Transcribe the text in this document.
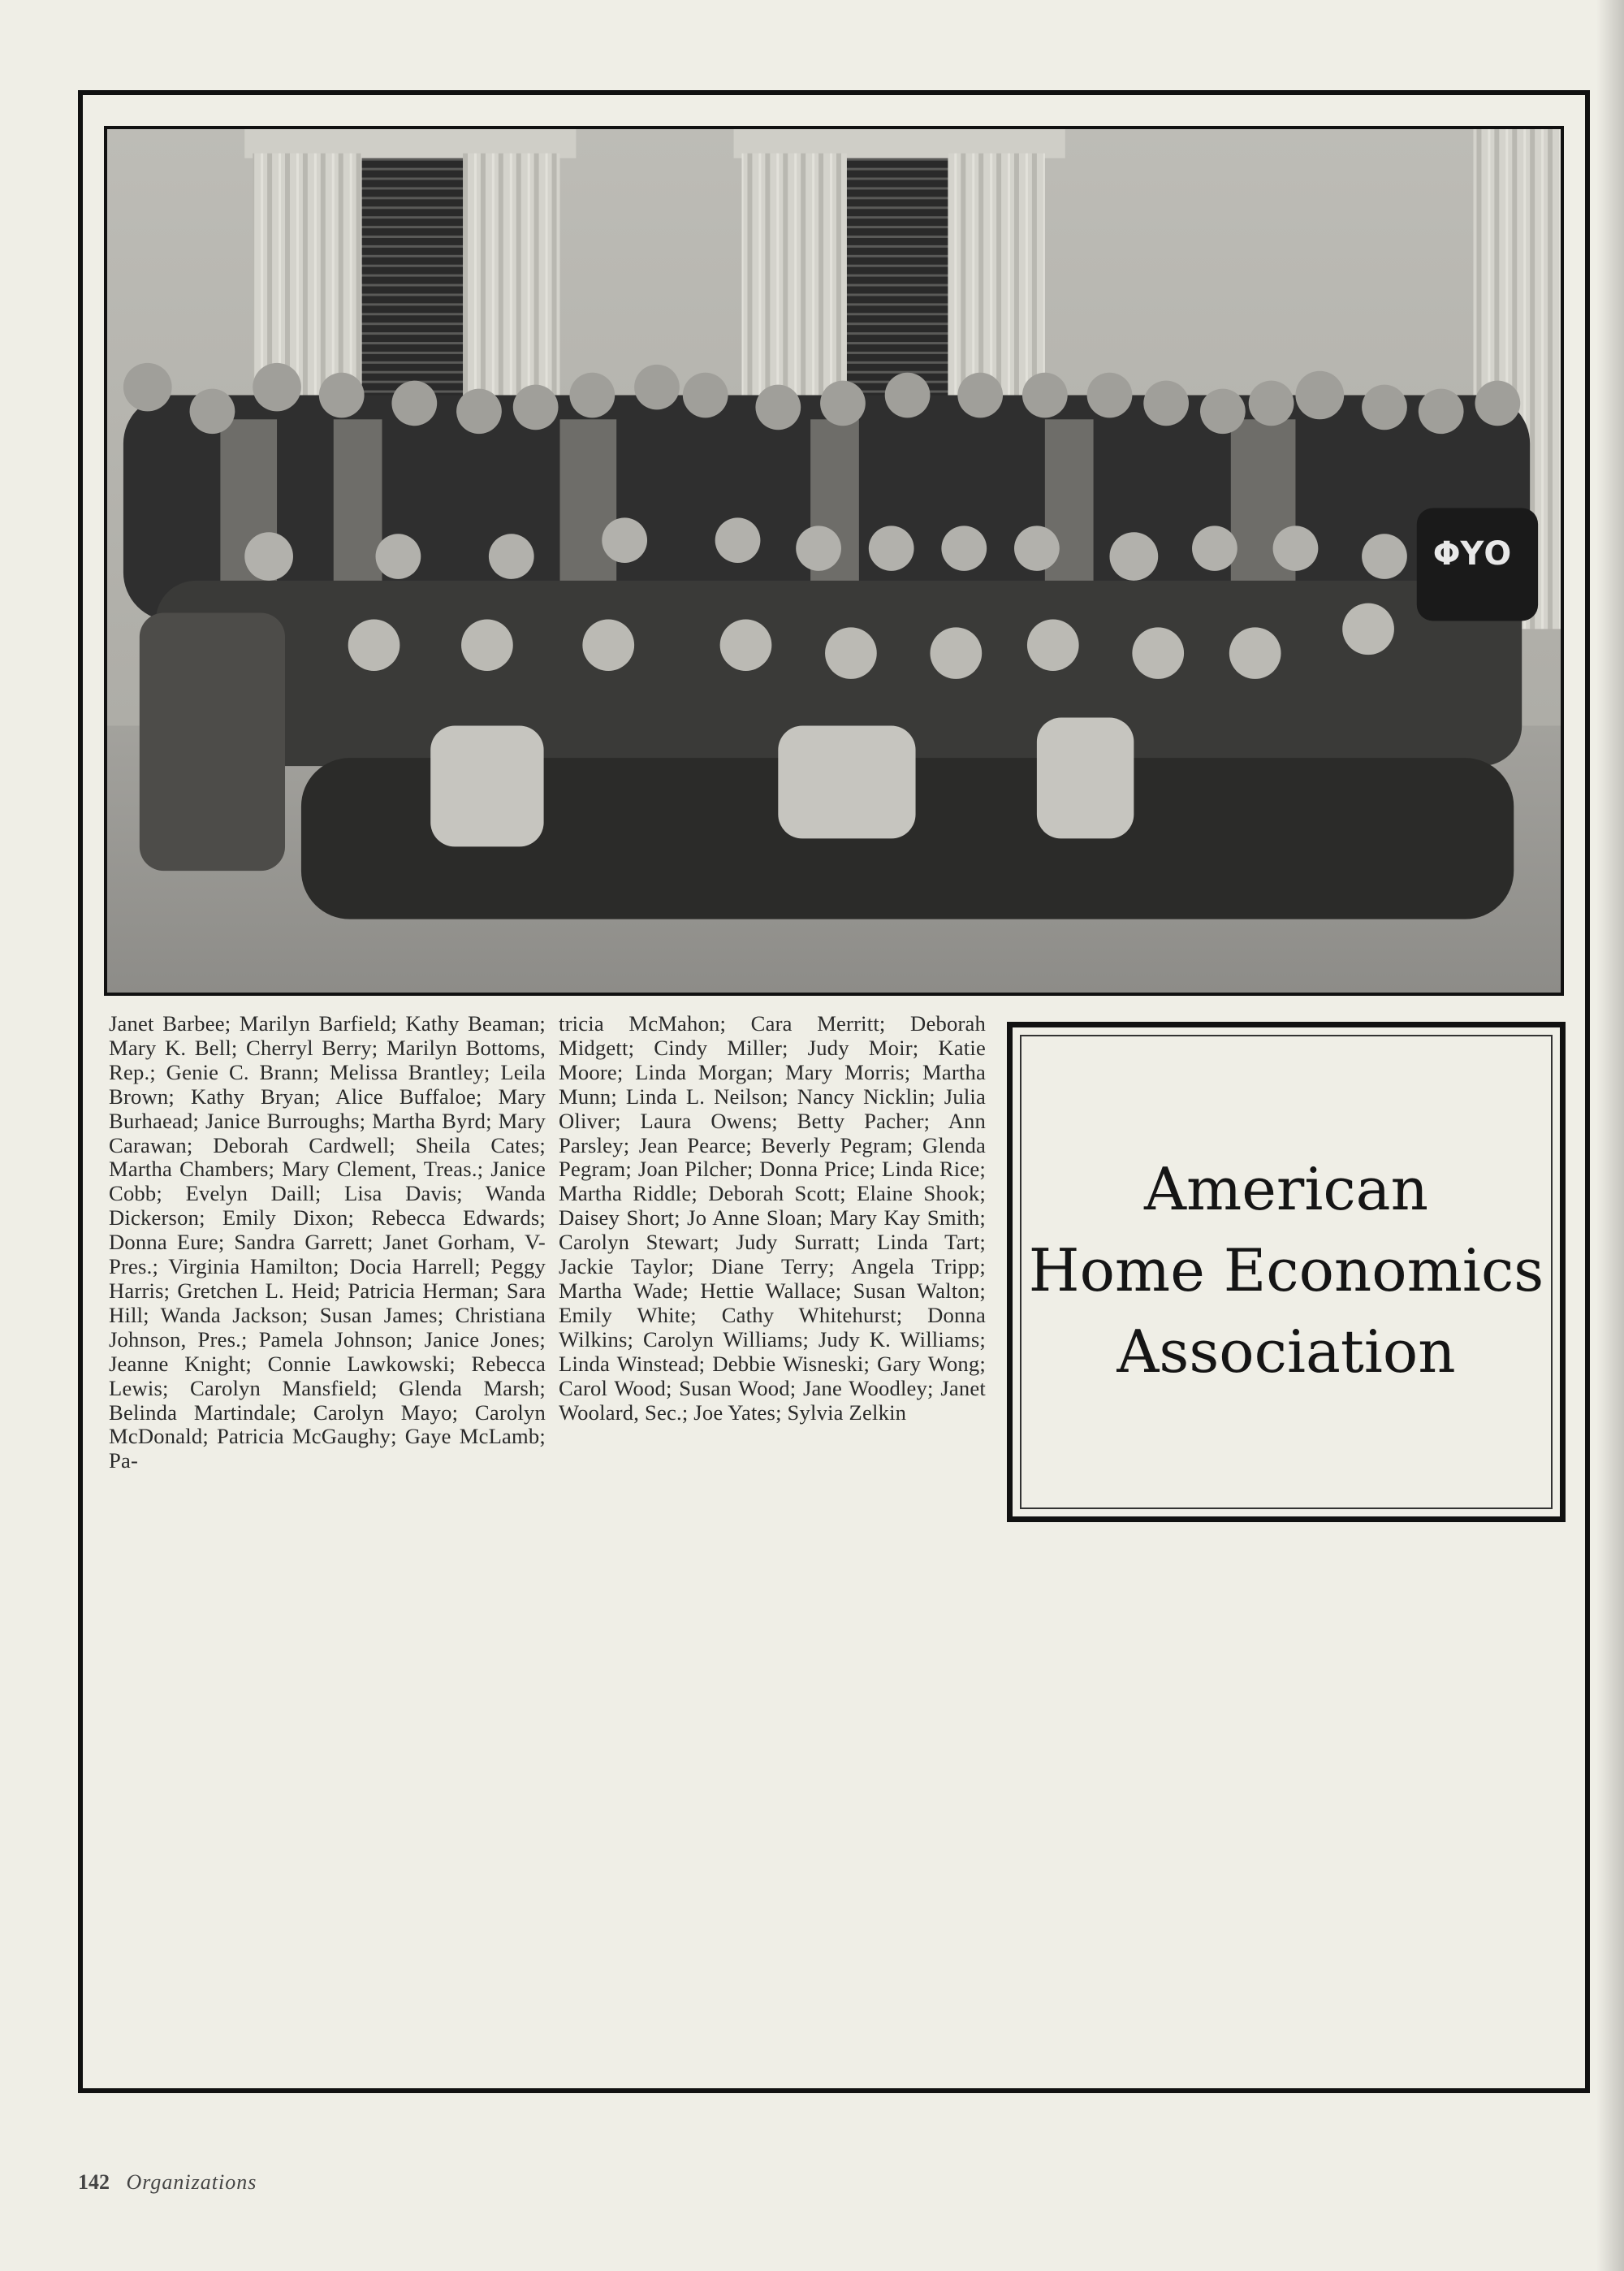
ΦΥΟ
Janet Barbee; Marilyn Barfield; Kathy Beaman; Mary K. Bell; Cherryl Berry; Marilyn Bottoms, Rep.; Genie C. Brann; Melissa Brantley; Leila Brown; Kathy Bryan; Alice Buffaloe; Mary Burhaead; Janice Burroughs; Martha Byrd; Mary Carawan; Deborah Cardwell; Sheila Cates; Martha Chambers; Mary Clement, Treas.; Janice Cobb; Evelyn Daill; Lisa Davis; Wanda Dickerson; Emily Dixon; Rebecca Edwards; Donna Eure; Sandra Garrett; Janet Gorham, V-Pres.; Virginia Hamilton; Docia Harrell; Peggy Harris; Gretchen L. Heid; Patricia Herman; Sara Hill; Wanda Jackson; Susan James; Christiana Johnson, Pres.; Pamela Johnson; Janice Jones; Jeanne Knight; Connie Lawkowski; Rebecca Lewis; Carolyn Mansfield; Glenda Marsh; Belinda Martindale; Carolyn Mayo; Carolyn McDonald; Patricia McGaughy; Gaye McLamb; Pa-
tricia McMahon; Cara Merritt; Deborah Midgett; Cindy Miller; Judy Moir; Katie Moore; Linda Morgan; Mary Morris; Martha Munn; Linda L. Neilson; Nancy Nicklin; Julia Oliver; Laura Owens; Betty Pacher; Ann Parsley; Jean Pearce; Beverly Pegram; Glenda Pegram; Joan Pilcher; Donna Price; Linda Rice; Martha Riddle; Deborah Scott; Elaine Shook; Daisey Short; Jo Anne Sloan; Mary Kay Smith; Carolyn Stewart; Judy Surratt; Linda Tart; Jackie Taylor; Diane Terry; Angela Tripp; Martha Wade; Hettie Wallace; Susan Walton; Emily White; Cathy Whitehurst; Donna Wilkins; Carolyn Williams; Judy K. Williams; Linda Winstead; Debbie Wisneski; Gary Wong; Carol Wood; Susan Wood; Jane Woodley; Janet Woolard, Sec.; Joe Yates; Sylvia Zelkin
American
Home Economics
Association
142 Organizations
